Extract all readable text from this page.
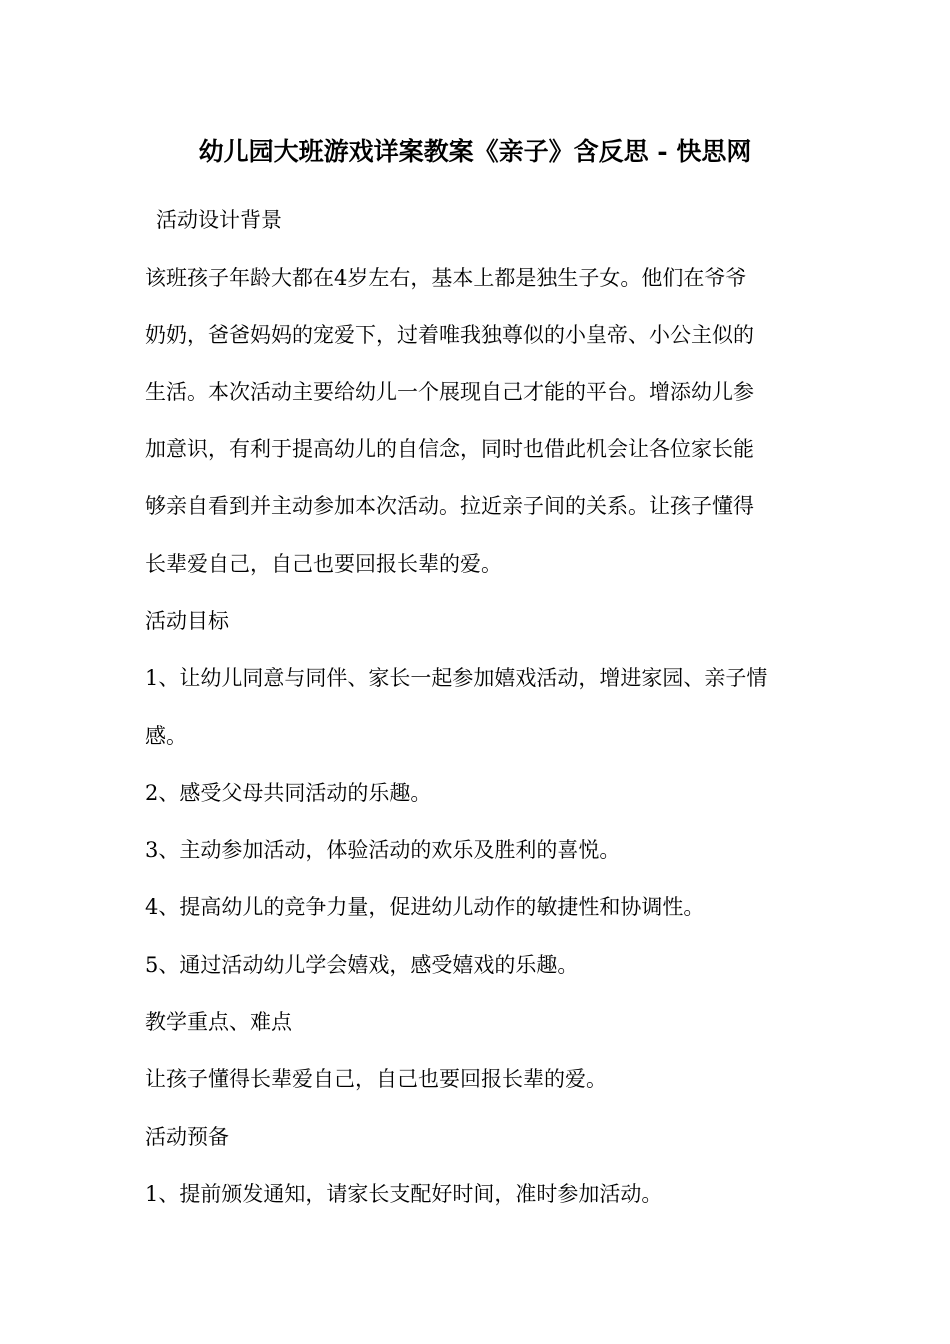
幼儿园大班游戏详案教案《亲子》含反思 - 快思网
活动设计背景
该班孩子年龄大都在4岁左右，基本上都是独生子女。他们在爷爷
奶奶，爸爸妈妈的宠爱下，过着唯我独尊似的小皇帝、小公主似的
生活。本次活动主要给幼儿一个展现自己才能的平台。增添幼儿参
加意识，有利于提高幼儿的自信念，同时也借此机会让各位家长能
够亲自看到并主动参加本次活动。拉近亲子间的关系。让孩子懂得
长辈爱自己，自己也要回报长辈的爱。
活动目标
1、让幼儿同意与同伴、家长一起参加嬉戏活动，增进家园、亲子情
感。
2、感受父母共同活动的乐趣。
3、主动参加活动，体验活动的欢乐及胜利的喜悦。
4、提高幼儿的竞争力量，促进幼儿动作的敏捷性和协调性。
5、通过活动幼儿学会嬉戏，感受嬉戏的乐趣。
教学重点、难点
让孩子懂得长辈爱自己，自己也要回报长辈的爱。
活动预备
1、提前颁发通知，请家长支配好时间，准时参加活动。
